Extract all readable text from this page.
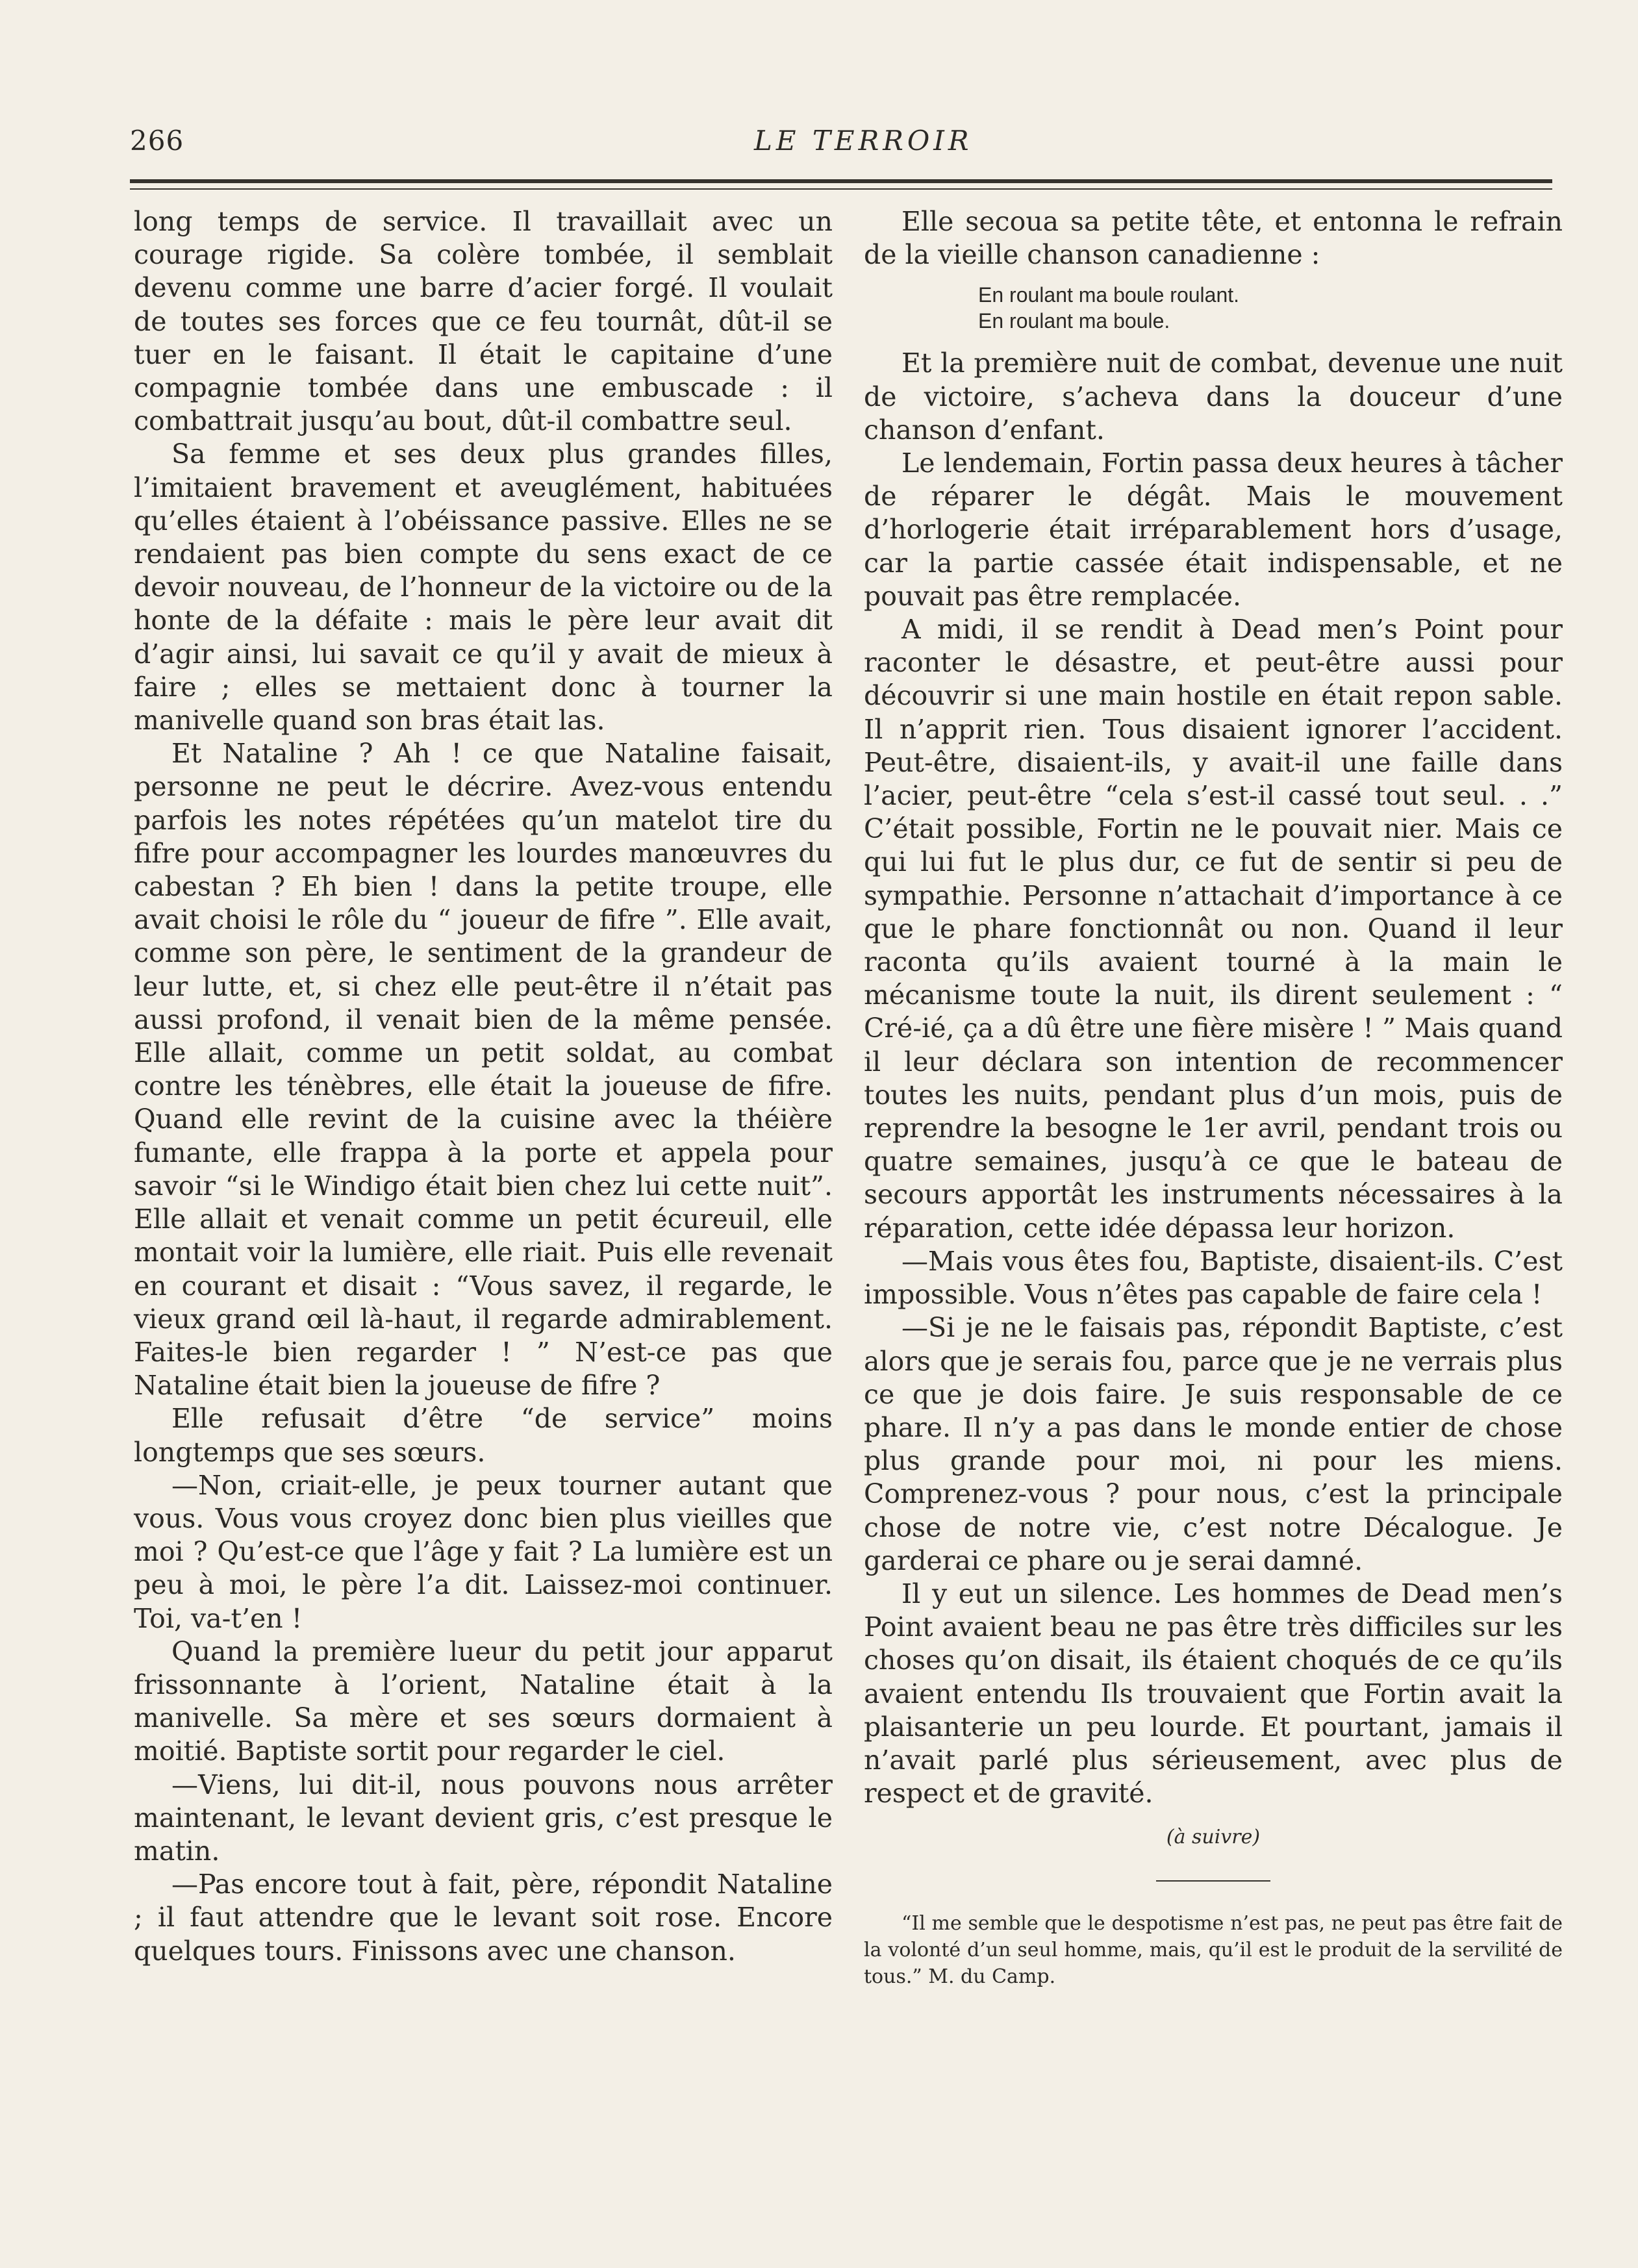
266	LE TERROIR

long temps de service. Il travaillait avec un courage rigide. Sa colère tombée, il semblait devenu comme une barre d’acier forgé. Il voulait de toutes ses forces que ce feu tournât, dût-il se tuer en le faisant. Il était le capitaine d’une compagnie tombée dans une embuscade : il combattrait jusqu’au bout, dût-il combattre seul.

Sa femme et ses deux plus grandes filles, l’imitaient bravement et aveuglément, habituées qu’elles étaient à l’obéissance passive. Elles ne se rendaient pas bien compte du sens exact de ce devoir nouveau, de l’honneur de la victoire ou de la honte de la défaite : mais le père leur avait dit d’agir ainsi, lui savait ce qu’il y avait de mieux à faire ; elles se mettaient donc à tourner la manivelle quand son bras était las.

Et Nataline ? Ah ! ce que Nataline faisait, personne ne peut le décrire. Avez-vous entendu parfois les notes répétées qu’un matelot tire du fifre pour accompagner les lourdes manœuvres du cabestan ? Eh bien ! dans la petite troupe, elle avait choisi le rôle du “ joueur de fifre ”. Elle avait, comme son père, le sentiment de la grandeur de leur lutte, et, si chez elle peut-être il n’était pas aussi profond, il venait bien de la même pensée. Elle allait, comme un petit soldat, au combat contre les ténèbres, elle était la joueuse de fifre. Quand elle revint de la cuisine avec la théière fumante, elle frappa à la porte et appela pour savoir “si le Windigo était bien chez lui cette nuit”. Elle allait et venait comme un petit écureuil, elle montait voir la lumière, elle riait. Puis elle revenait en courant et disait : “Vous savez, il regarde, le vieux grand œil là-haut, il regarde admirablement. Faites-le bien regarder ! ” N’est-ce pas que Nataline était bien la joueuse de fifre ?

Elle refusait d’être “de service” moins longtemps que ses sœurs.

—Non, criait-elle, je peux tourner autant que vous. Vous vous croyez donc bien plus vieilles que moi ? Qu’est-ce que l’âge y fait ? La lumière est un peu à moi, le père l’a dit. Laissez-moi continuer. Toi, va-t’en !

Quand la première lueur du petit jour apparut frissonnante à l’orient, Nataline était à la manivelle. Sa mère et ses sœurs dormaient à moitié. Baptiste sortit pour regarder le ciel.

—Viens, lui dit-il, nous pouvons nous arrêter maintenant, le levant devient gris, c’est presque le matin.

—Pas encore tout à fait, père, répondit Nataline ; il faut attendre que le levant soit rose. Encore quelques tours. Finissons avec une chanson.

Elle secoua sa petite tête, et entonna le refrain de la vieille chanson canadienne :

En roulant ma boule roulant.
En roulant ma boule.

Et la première nuit de combat, devenue une nuit de victoire, s’acheva dans la douceur d’une chanson d’enfant.

Le lendemain, Fortin passa deux heures à tâcher de réparer le dégât. Mais le mouvement d’horlogerie était irréparablement hors d’usage, car la partie cassée était indispensable, et ne pouvait pas être remplacée.

A midi, il se rendit à Dead men’s Point pour raconter le désastre, et peut-être aussi pour découvrir si une main hostile en était repon sable. Il n’apprit rien. Tous disaient ignorer l’accident. Peut-être, disaient-ils, y avait-il une faille dans l’acier, peut-être “cela s’est-il cassé tout seul. . .” C’était possible, Fortin ne le pouvait nier. Mais ce qui lui fut le plus dur, ce fut de sentir si peu de sympathie. Personne n’attachait d’importance à ce que le phare fonctionnât ou non. Quand il leur raconta qu’ils avaient tourné à la main le mécanisme toute la nuit, ils dirent seulement : “ Cré-ié, ça a dû être une fière misère ! ” Mais quand il leur déclara son intention de recommencer toutes les nuits, pendant plus d’un mois, puis de reprendre la besogne le 1er avril, pendant trois ou quatre semaines, jusqu’à ce que le bateau de secours apportât les instruments nécessaires à la réparation, cette idée dépassa leur horizon.

—Mais vous êtes fou, Baptiste, disaient-ils. C’est impossible. Vous n’êtes pas capable de faire cela !

—Si je ne le faisais pas, répondit Baptiste, c’est alors que je serais fou, parce que je ne verrais plus ce que je dois faire. Je suis responsable de ce phare. Il n’y a pas dans le monde entier de chose plus grande pour moi, ni pour les miens. Comprenez-vous ? pour nous, c’est la principale chose de notre vie, c’est notre Décalogue. Je garderai ce phare ou je serai damné.

Il y eut un silence. Les hommes de Dead men’s Point avaient beau ne pas être très difficiles sur les choses qu’on disait, ils étaient choqués de ce qu’ils avaient entendu Ils trouvaient que Fortin avait la plaisanterie un peu lourde. Et pourtant, jamais il n’avait parlé plus sérieusement, avec plus de respect et de gravité.

(à suivre)

“Il me semble que le despotisme n’est pas, ne peut pas être fait de la volonté d’un seul homme, mais, qu’il est le produit de la servilité de tous.” M. du Camp.
